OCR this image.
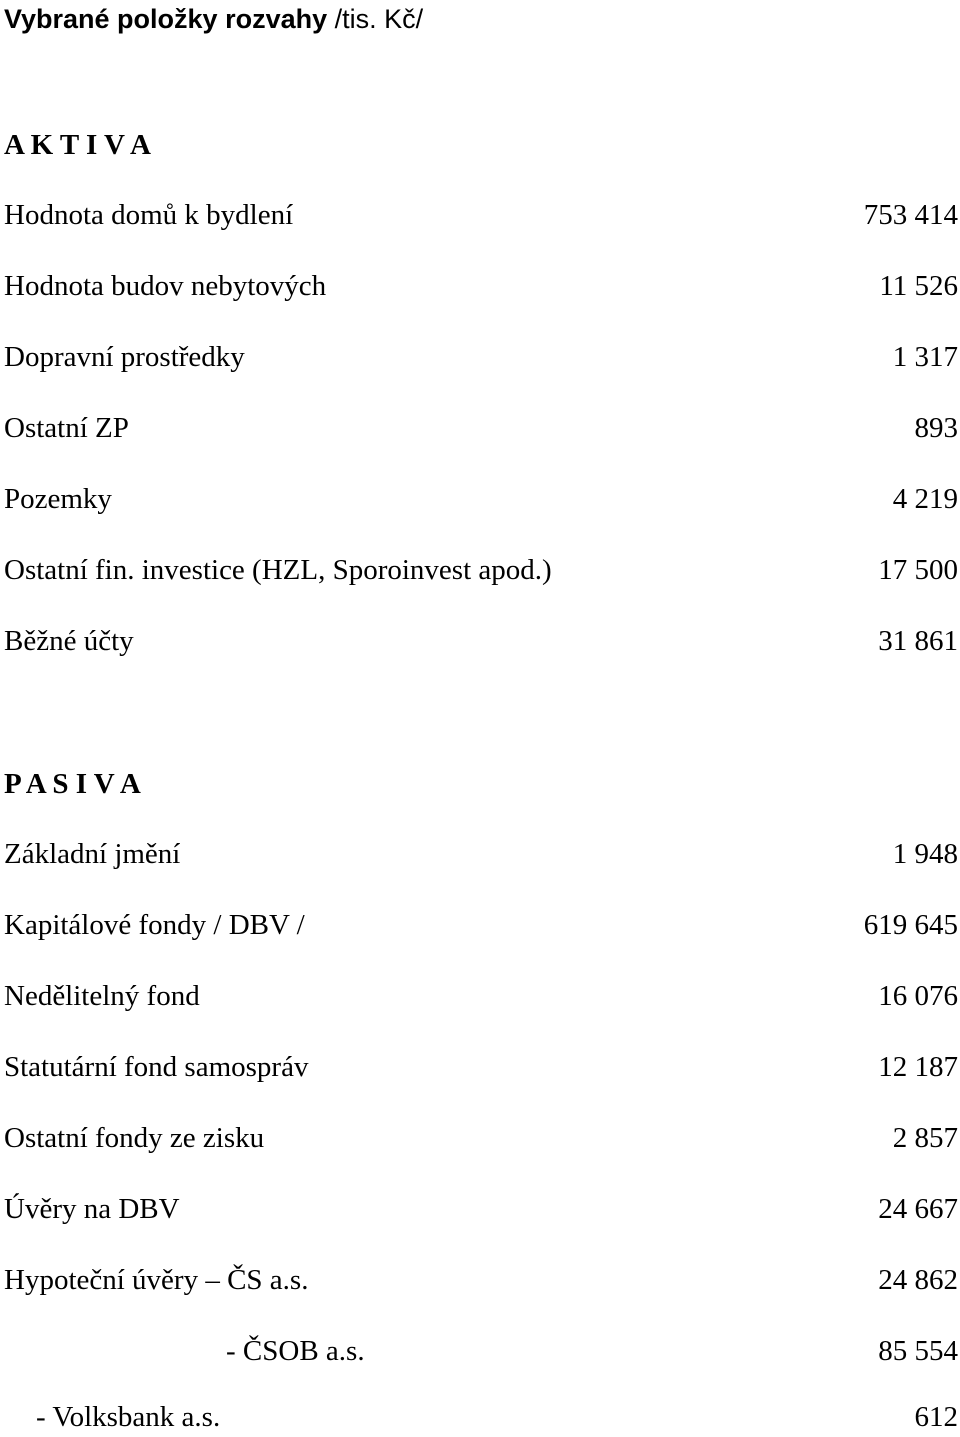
Vybrané položky rozvahy /tis. Kč/
A K T I V A
Hodnota domů k bydlení	753 414
Hodnota budov nebytových	11 526
Dopravní prostředky	1 317
Ostatní ZP	893
Pozemky	4 219
Ostatní fin. investice (HZL, Sporoinvest apod.)	17 500
Běžné účty	31 861
P A S I V A
Základní jmění	1 948
Kapitálové fondy / DBV /	619 645
Nedělitelný fond	16 076
Statutární fond samospráv	12 187
Ostatní fondy ze zisku	2 857
Úvěry na DBV	24 667
Hypoteční úvěry – ČS a.s.	24 862
- ČSOB a.s.	85 554
- Volksbank a.s.	612
